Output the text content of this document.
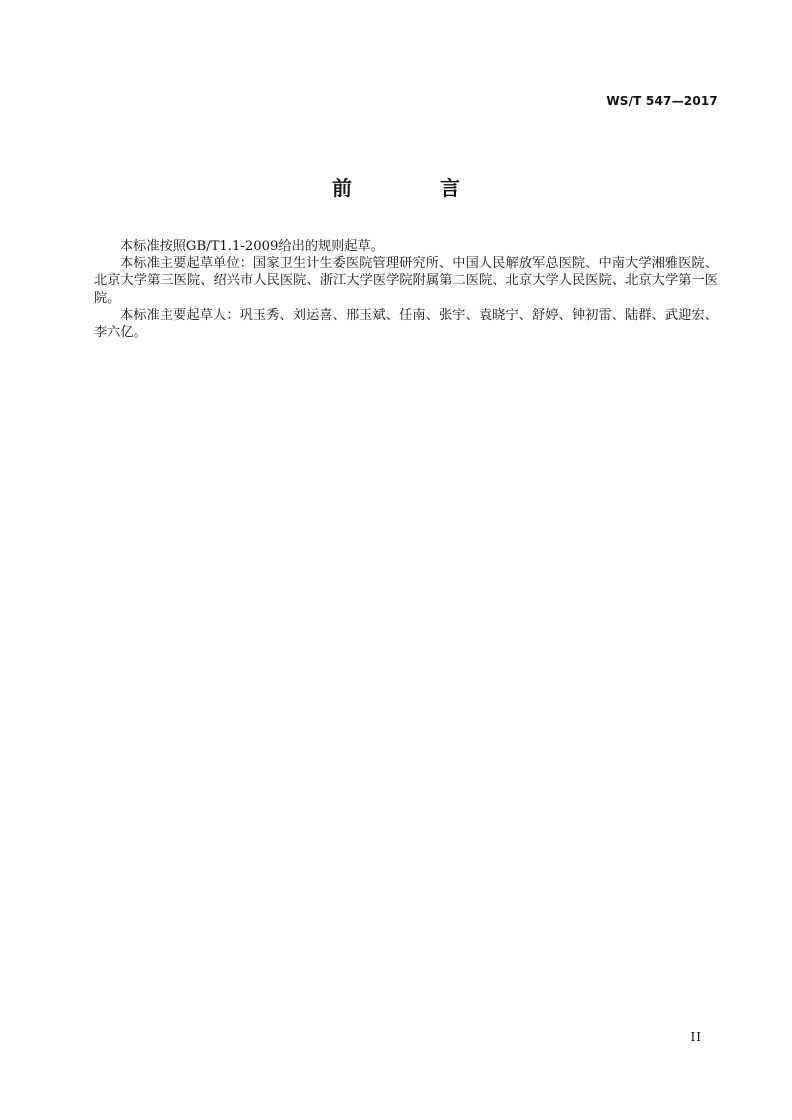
WS/T 547—2017
前　言

本标准按照GB/T1.1-2009给出的规则起草。

本标准主要起草单位：国家卫生计生委医院管理研究所、中国人民解放军总医院、中南大学湘雅医院、北京大学第三医院、绍兴市人民医院、浙江大学医学院附属第二医院、北京大学人民医院、北京大学第一医院。

本标准主要起草人：巩玉秀、刘运喜、邢玉斌、任南、张宇、袁晓宁、舒婷、钟初雷、陆群、武迎宏、李六亿。

II
